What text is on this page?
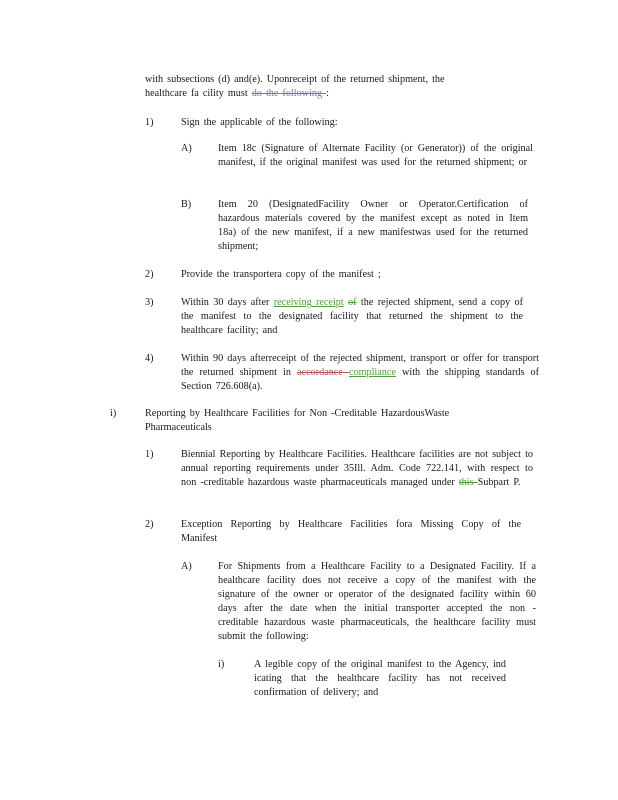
with subsections (d) and(e). Uponreceipt of the returned shipment, the
healthcare fa cility must do the following :
1)	Sign the applicable of the following:
A)	Item 18c (Signature of Alternate Facility (or Generator)) of the original manifest, if the original manifest was used for the returned shipment; or
B)	Item 20 (DesignatedFacility Owner or Operator.Certification of hazardous materials covered by the manifest except as noted in Item 18a) of the new manifest, if a new manifestwas used for the returned shipment;
2)	Provide the transportera copy of the manifest ;
3)	Within 30 days after receiving receipt of the rejected shipment, send a copy of the manifest to the designated facility that returned the shipment to the healthcare facility; and
4)	Within 90 days afterreceipt of the rejected shipment, transport or offer for transport the returned shipment in accordance compliance with the shipping standards of Section 726.608(a).
i)	Reporting by Healthcare Facilities for Non -Creditable HazardousWaste Pharmaceuticals
1)	Biennial Reporting by Healthcare Facilities. Healthcare facilities are not subject to annual reporting requirements under 35Ill. Adm. Code 722.141, with respect to non -creditable hazardous waste pharmaceuticals managed under this Subpart P.
2)	Exception Reporting by Healthcare Facilities fora Missing Copy of the Manifest
A)	For Shipments from a Healthcare Facility to a Designated Facility. If a healthcare facility does not receive a copy of the manifest with the signature of the owner or operator of the designated facility within 60 days after the date when the initial transporter accepted the non -creditable hazardous waste pharmaceuticals, the healthcare facility must submit the following:
i)	A legible copy of the original manifest to the Agency, ind icating that the healthcare facility has not received confirmation of delivery; and
